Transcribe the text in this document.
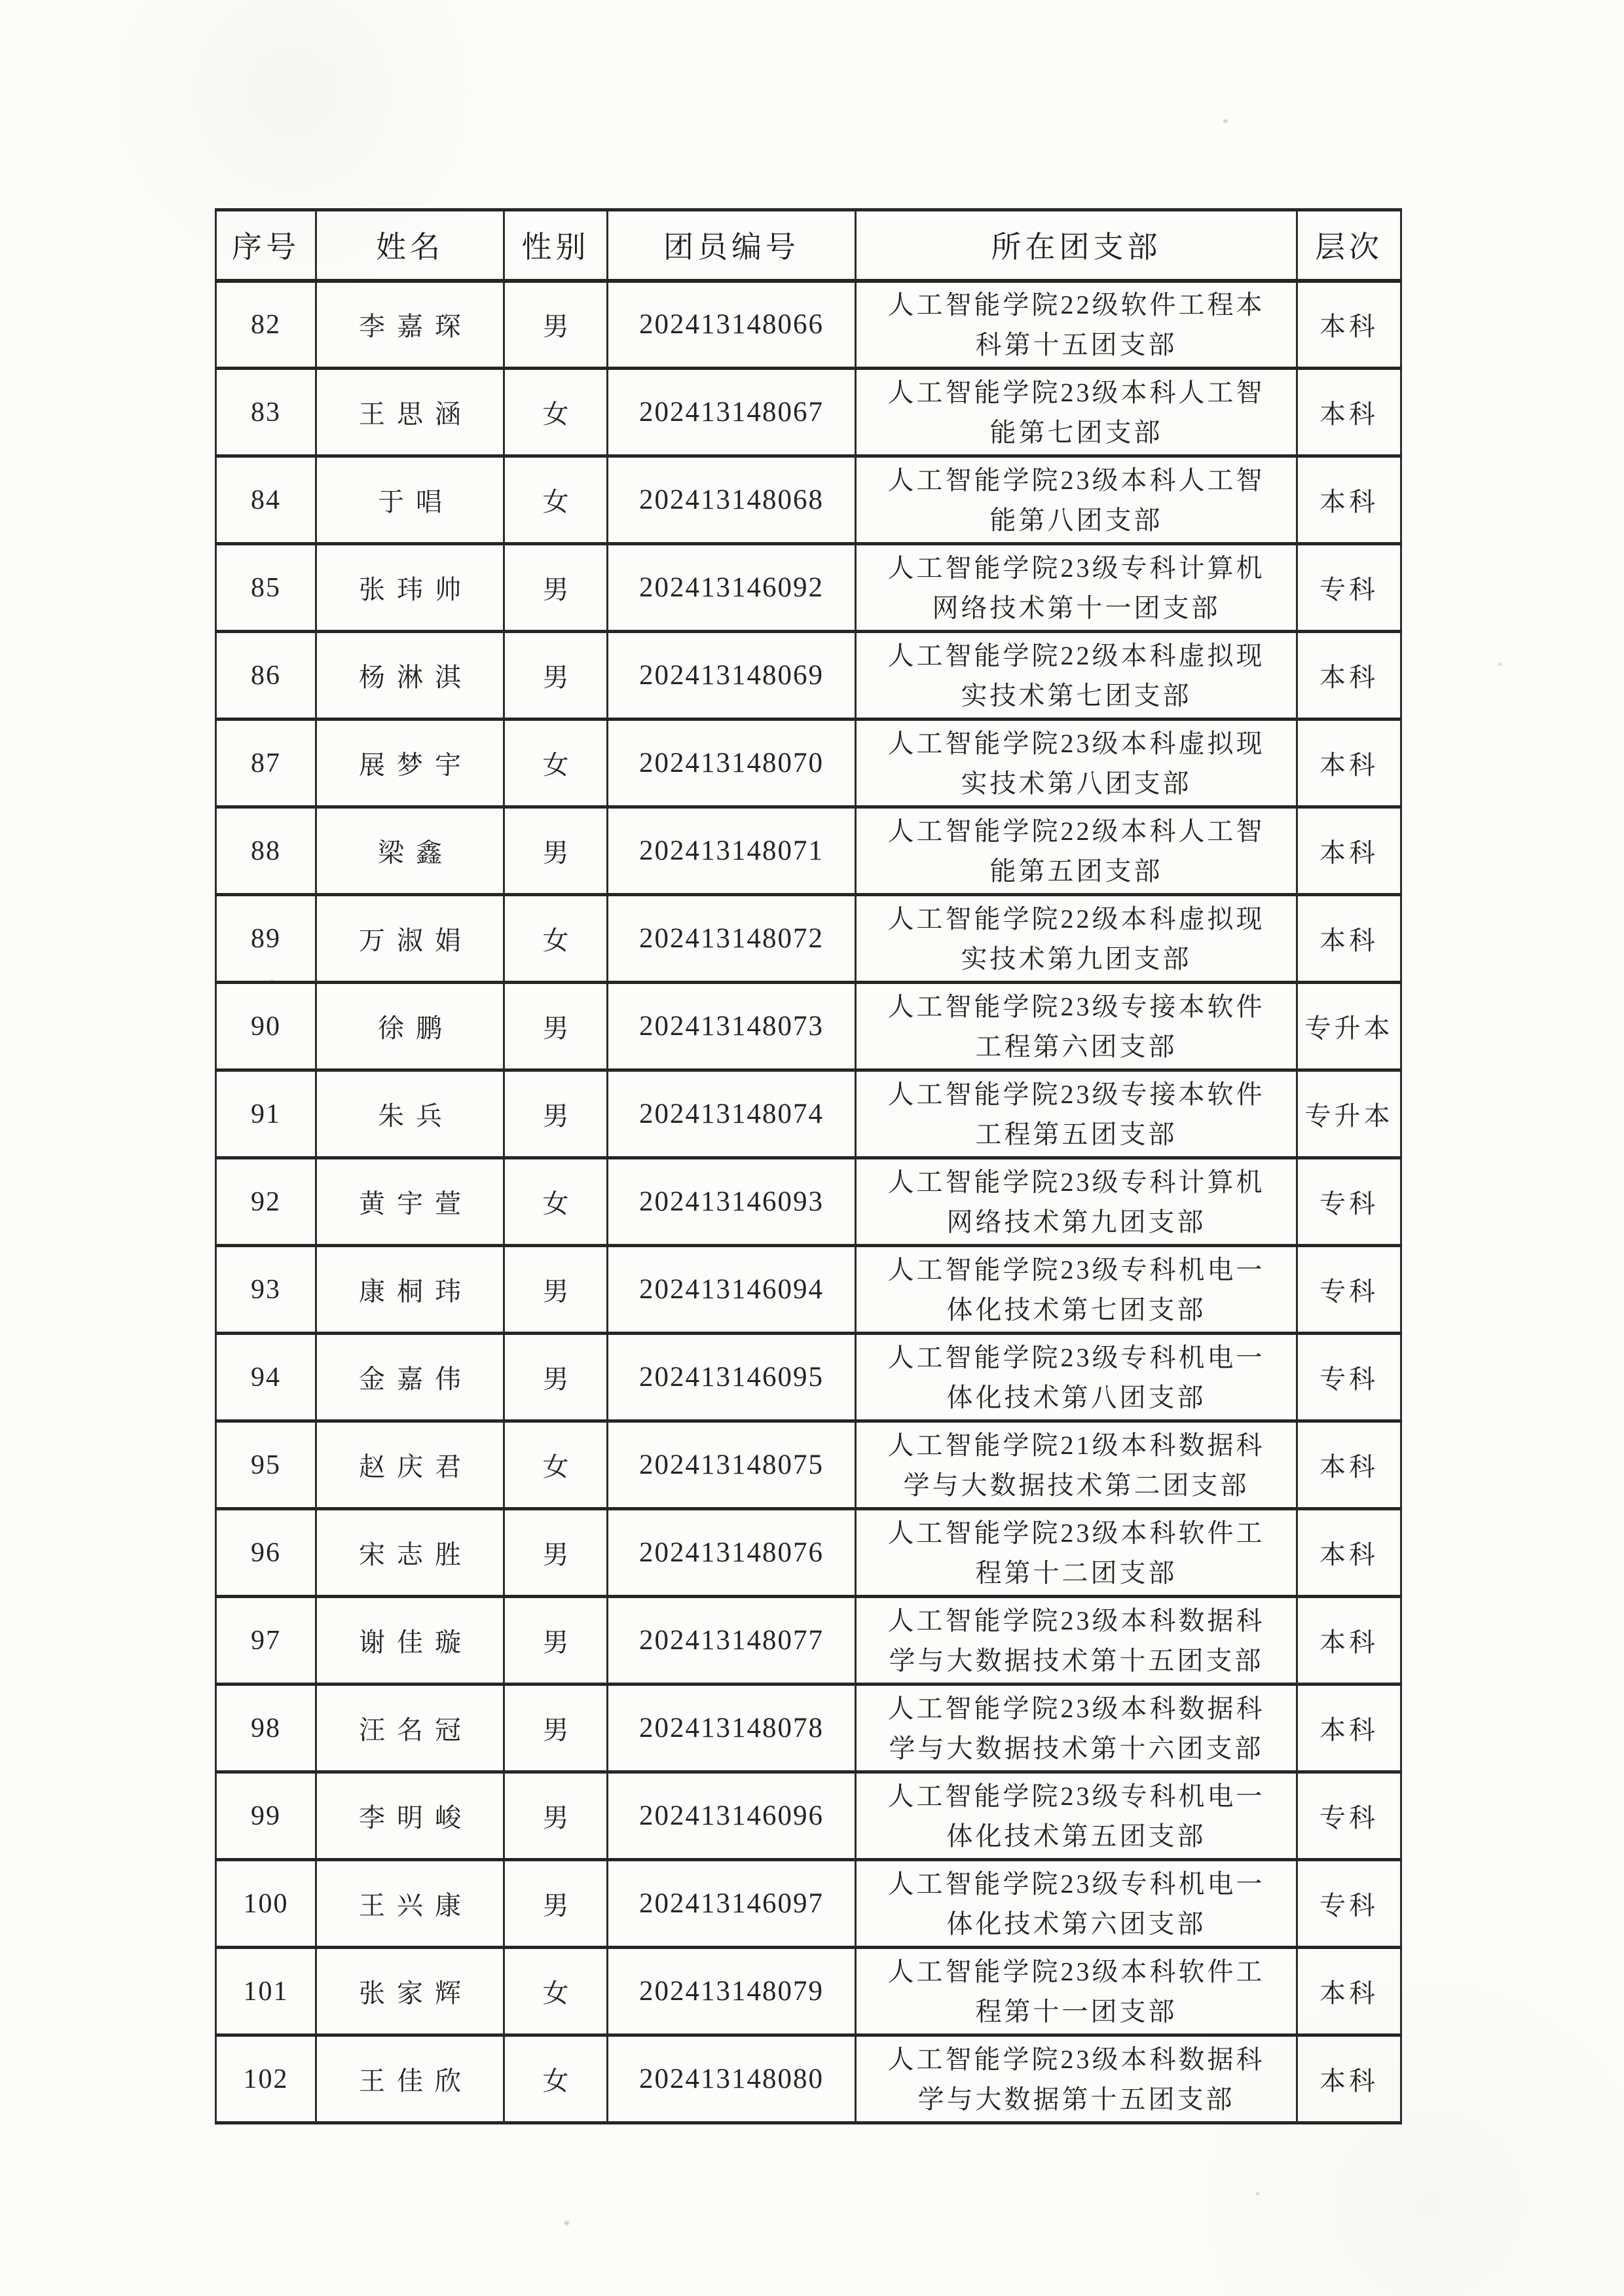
序号	姓名	性别	团员编号	所在团支部	层次
82	李嘉琛	男	202413148066	人工智能学院22级软件工程本科第十五团支部	本科
83	王思涵	女	202413148067	人工智能学院23级本科人工智能第七团支部	本科
84	于唱	女	202413148068	人工智能学院23级本科人工智能第八团支部	本科
85	张玮帅	男	202413146092	人工智能学院23级专科计算机网络技术第十一团支部	专科
86	杨淋淇	男	202413148069	人工智能学院22级本科虚拟现实技术第七团支部	本科
87	展梦宇	女	202413148070	人工智能学院23级本科虚拟现实技术第八团支部	本科
88	梁鑫	男	202413148071	人工智能学院22级本科人工智能第五团支部	本科
89	万淑娟	女	202413148072	人工智能学院22级本科虚拟现实技术第九团支部	本科
90	徐鹏	男	202413148073	人工智能学院23级专接本软件工程第六团支部	专升本
91	朱兵	男	202413148074	人工智能学院23级专接本软件工程第五团支部	专升本
92	黄宇萱	女	202413146093	人工智能学院23级专科计算机网络技术第九团支部	专科
93	康桐玮	男	202413146094	人工智能学院23级专科机电一体化技术第七团支部	专科
94	金嘉伟	男	202413146095	人工智能学院23级专科机电一体化技术第八团支部	专科
95	赵庆君	女	202413148075	人工智能学院21级本科数据科学与大数据技术第二团支部	本科
96	宋志胜	男	202413148076	人工智能学院23级本科软件工程第十二团支部	本科
97	谢佳璇	男	202413148077	人工智能学院23级本科数据科学与大数据技术第十五团支部	本科
98	汪名冠	男	202413148078	人工智能学院23级本科数据科学与大数据技术第十六团支部	本科
99	李明峻	男	202413146096	人工智能学院23级专科机电一体化技术第五团支部	专科
100	王兴康	男	202413146097	人工智能学院23级专科机电一体化技术第六团支部	专科
101	张家辉	女	202413148079	人工智能学院23级本科软件工程第十一团支部	本科
102	王佳欣	女	202413148080	人工智能学院23级本科数据科学与大数据第十五团支部	本科
